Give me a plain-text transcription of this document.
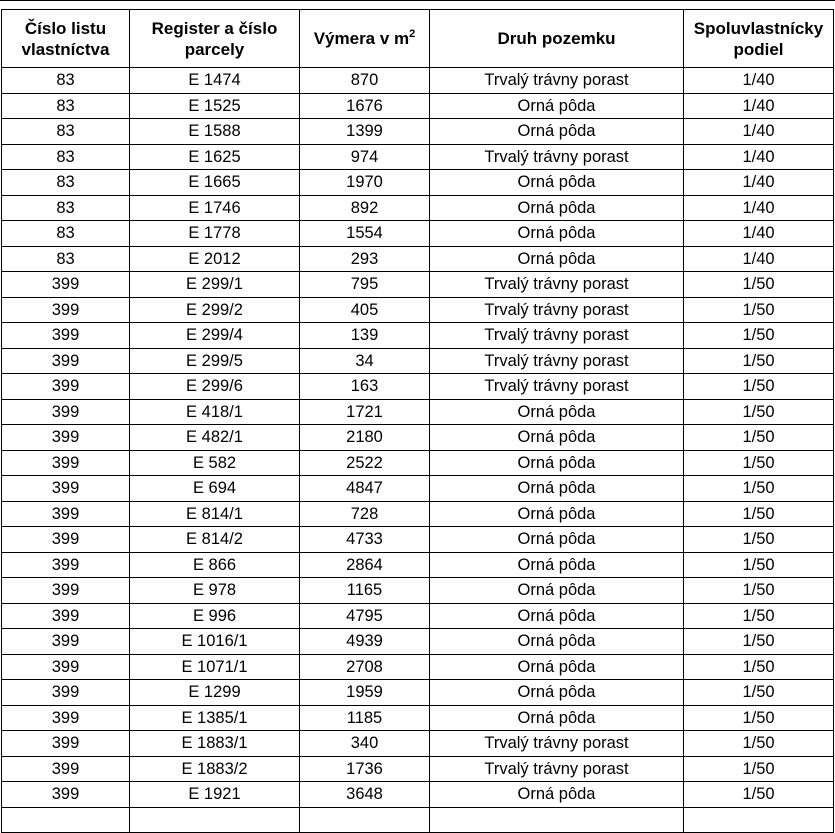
Číslo listu vlastníctva	Register a číslo parcely	Výmera v $m^2$	Druh pozemku	Spoluvlastnícky podiel
83	E 1474	870	Trvalý trávny porast	1/40
83	E 1525	1676	Orná pôda	1/40
83	E 1588	1399	Orná pôda	1/40
83	E 1625	974	Trvalý trávny porast	1/40
83	E 1665	1970	Orná pôda	1/40
83	E 1746	892	Orná pôda	1/40
83	E 1778	1554	Orná pôda	1/40
83	E 2012	293	Orná pôda	1/40
399	E 299/1	795	Trvalý trávny porast	1/50
399	E 299/2	405	Trvalý trávny porast	1/50
399	E 299/4	139	Trvalý trávny porast	1/50
399	E 299/5	34	Trvalý trávny porast	1/50
399	E 299/6	163	Trvalý trávny porast	1/50
399	E 418/1	1721	Orná pôda	1/50
399	E 482/1	2180	Orná pôda	1/50
399	E 582	2522	Orná pôda	1/50
399	E 694	4847	Orná pôda	1/50
399	E 814/1	728	Orná pôda	1/50
399	E 814/2	4733	Orná pôda	1/50
399	E 866	2864	Orná pôda	1/50
399	E 978	1165	Orná pôda	1/50
399	E 996	4795	Orná pôda	1/50
399	E 1016/1	4939	Orná pôda	1/50
399	E 1071/1	2708	Orná pôda	1/50
399	E 1299	1959	Orná pôda	1/50
399	E 1385/1	1185	Orná pôda	1/50
399	E 1883/1	340	Trvalý trávny porast	1/50
399	E 1883/2	1736	Trvalý trávny porast	1/50
399	E 1921	3648	Orná pôda	1/50
